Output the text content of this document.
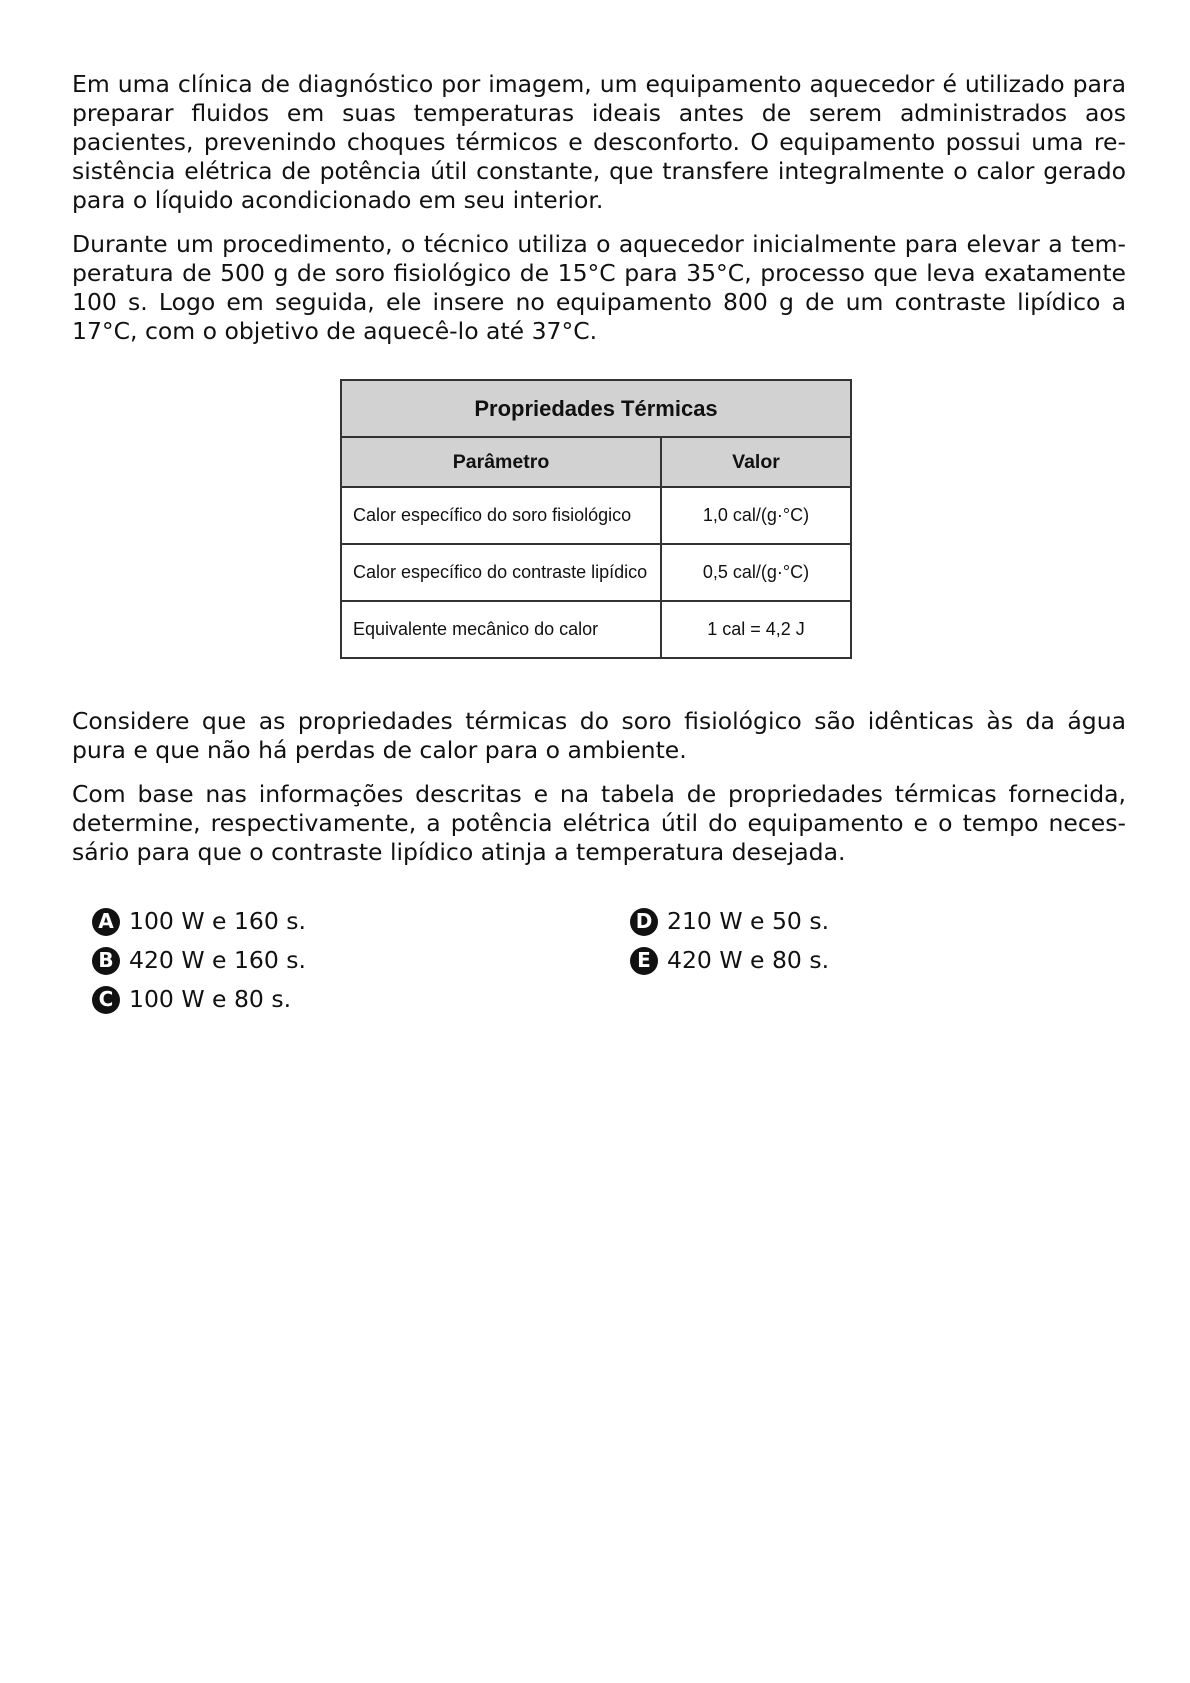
Em uma clínica de diagnóstico por imagem, um equipamento aquecedor é utilizado para preparar fluidos em suas temperaturas ideais antes de serem administrados aos pacientes, prevenindo choques térmicos e desconforto. O equipamento possui uma resistência elétrica de potência útil constante, que transfere integralmente o calor gerado para o líquido acondicionado em seu interior.

Durante um procedimento, o técnico utiliza o aquecedor inicialmente para elevar a temperatura de 500 g de soro fisiológico de 15°C para 35°C, processo que leva exatamente 100 s. Logo em seguida, ele insere no equipamento 800 g de um contraste lipídico a 17°C, com o objetivo de aquecê-lo até 37°C.

Propriedades Térmicas	
Parâmetro	Valor
Calor específico do soro fisiológico	1,0 cal/(g·°C)
Calor específico do contraste lipídico	0,5 cal/(g·°C)
Equivalente mecânico do calor	1 cal = 4,2 J

Considere que as propriedades térmicas do soro fisiológico são idênticas às da água pura e que não há perdas de calor para o ambiente.

Com base nas informações descritas e na tabela de propriedades térmicas fornecida, determine, respectivamente, a potência elétrica útil do equipamento e o tempo necessário para que o contraste lipídico atinja a temperatura desejada.

A 100 W e 160 s.	D 210 W e 50 s.
B 420 W e 160 s.	E 420 W e 80 s.
C 100 W e 80 s.
